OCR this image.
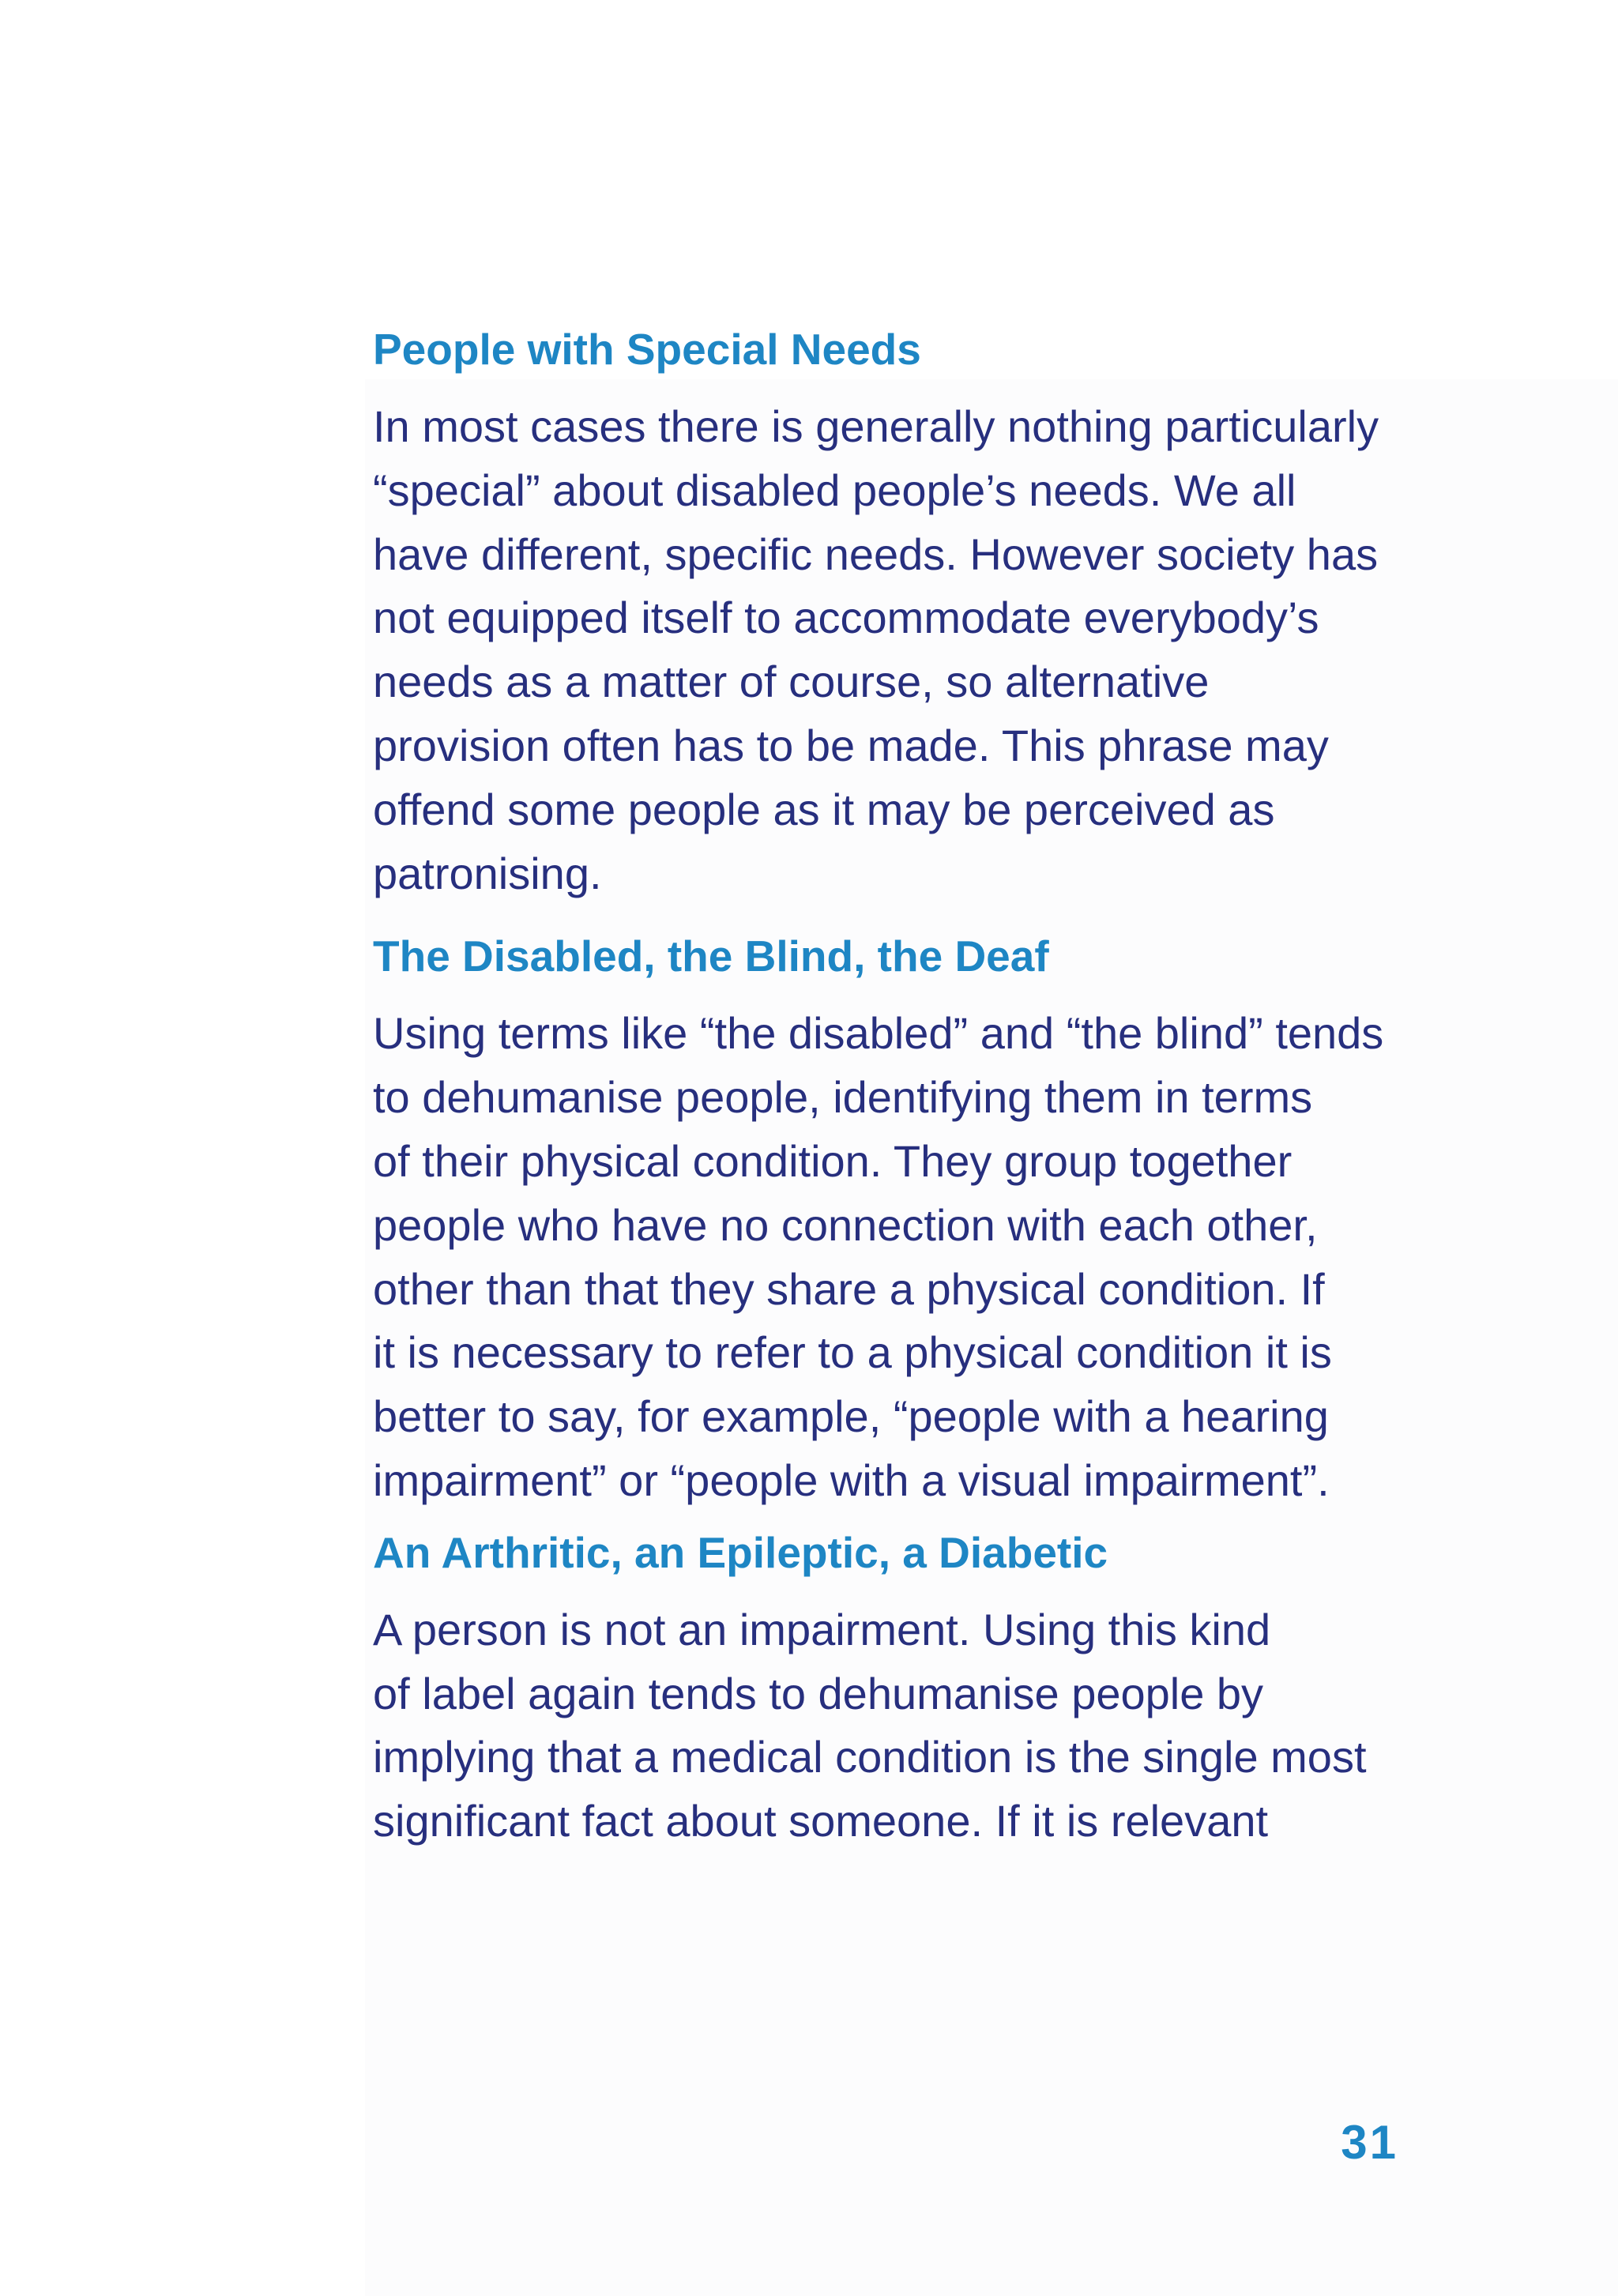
People with Special Needs

In most cases there is generally nothing particularly
“special” about disabled people’s needs. We all
have different, specific needs. However society has
not equipped itself to accommodate everybody’s
needs as a matter of course, so alternative
provision often has to be made. This phrase may
offend some people as it may be perceived as
patronising.

The Disabled, the Blind, the Deaf

Using terms like “the disabled” and “the blind” tends
to dehumanise people, identifying them in terms
of their physical condition. They group together
people who have no connection with each other,
other than that they share a physical condition. If
it is necessary to refer to a physical condition it is
better to say, for example, “people with a hearing
impairment” or “people with a visual impairment”.

An Arthritic, an Epileptic, a Diabetic

A person is not an impairment. Using this kind
of label again tends to dehumanise people by
implying that a medical condition is the single most
significant fact about someone. If it is relevant

31
